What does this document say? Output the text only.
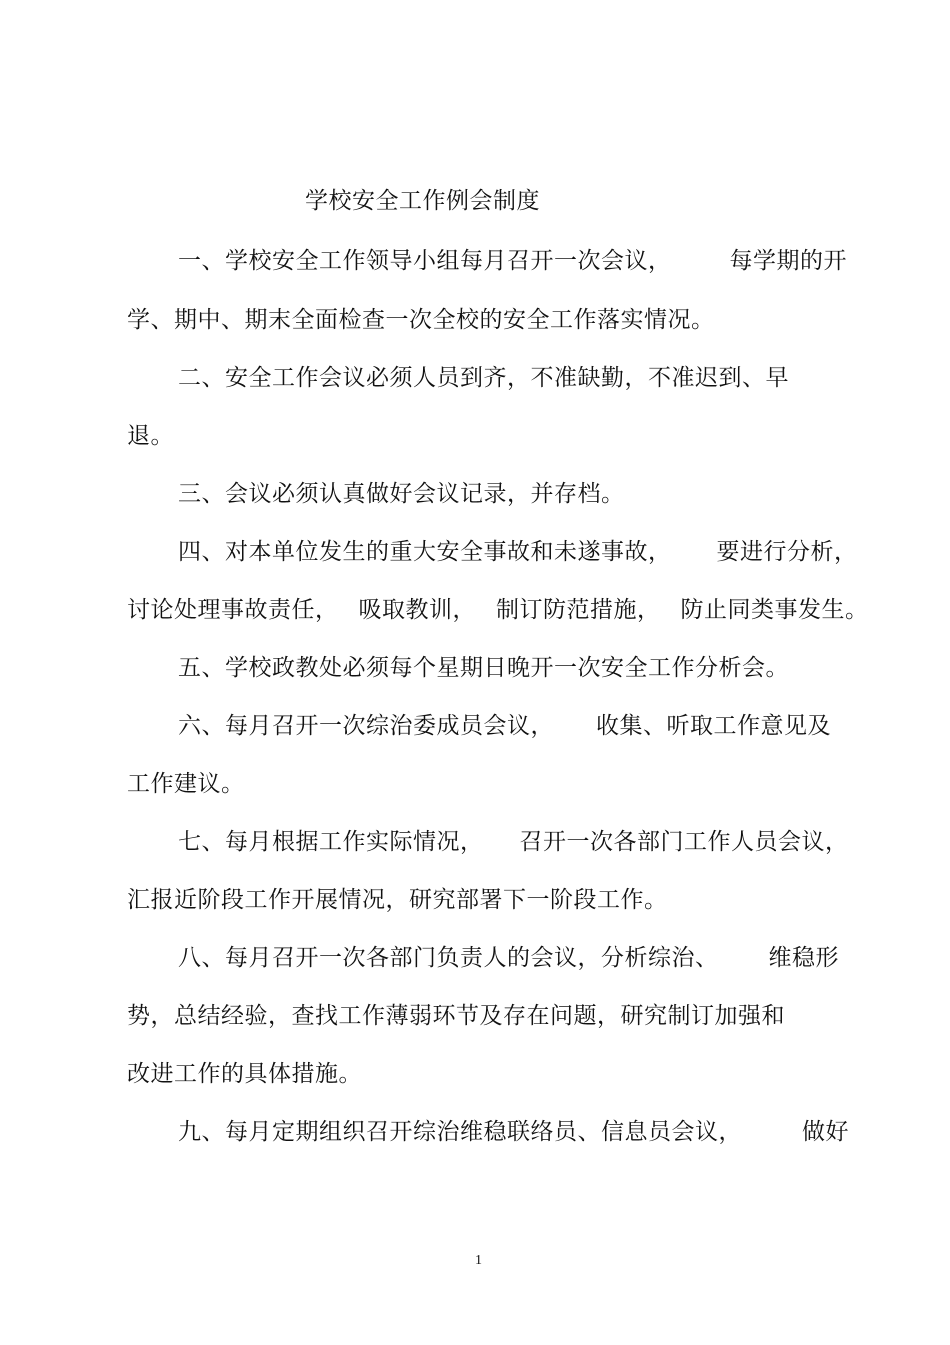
学校安全工作例会制度
一、学校安全工作领导小组每月召开一次会议，	每学期的开
学、期中、期末全面检查一次全校的安全工作落实情况。
二、安全工作会议必须人员到齐，不准缺勤，不准迟到、早
退。
三、会议必须认真做好会议记录，并存档。
四、对本单位发生的重大安全事故和未遂事故， 要进行分析，
讨论处理事故责任， 吸取教训， 制订防范措施， 防止同类事发生。
五、学校政教处必须每个星期日晚开一次安全工作分析会。
六、每月召开一次综治委成员会议， 收集、听取工作意见及
工作建议。
七、每月根据工作实际情况， 召开一次各部门工作人员会议，
汇报近阶段工作开展情况，研究部署下一阶段工作。
八、每月召开一次各部门负责人的会议，分析综治、 维稳形
势，总结经验，查找工作薄弱环节及存在问题，研究制订加强和
改进工作的具体措施。
九、每月定期组织召开综治维稳联络员、信息员会议，	做好
1
